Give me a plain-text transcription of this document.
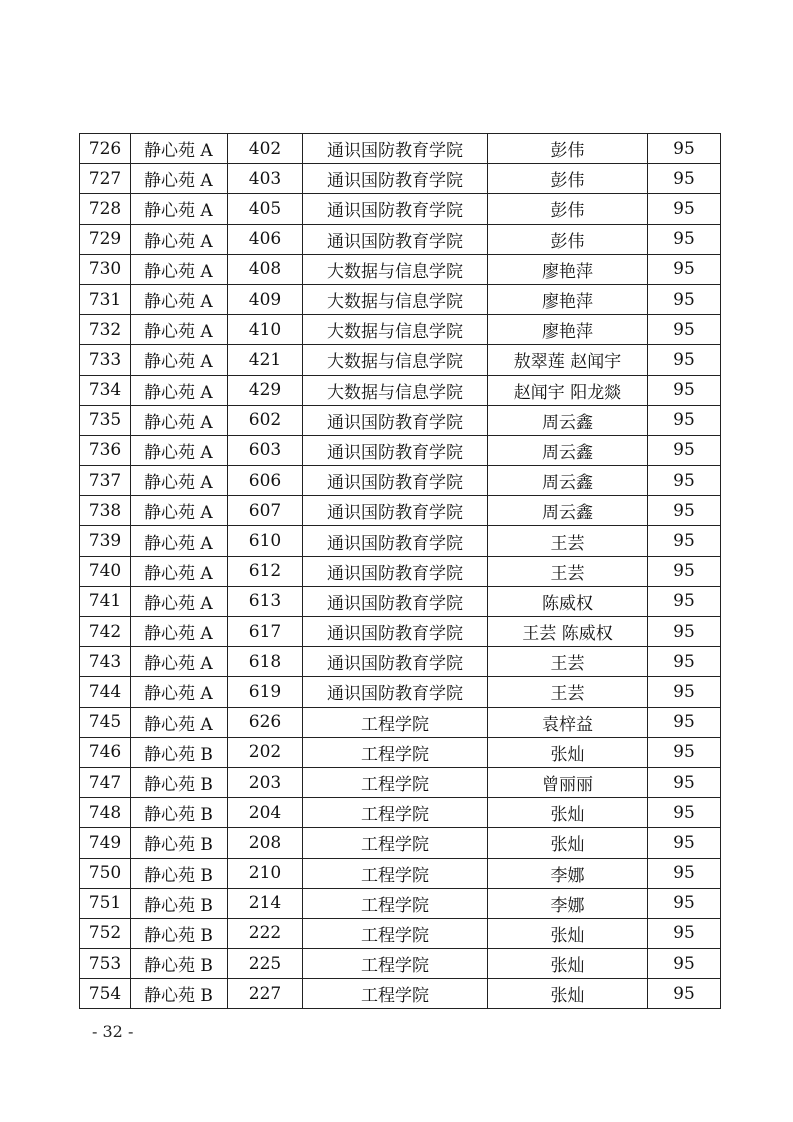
726	静心苑 A	402	通识国防教育学院	彭伟	95
727	静心苑 A	403	通识国防教育学院	彭伟	95
728	静心苑 A	405	通识国防教育学院	彭伟	95
729	静心苑 A	406	通识国防教育学院	彭伟	95
730	静心苑 A	408	大数据与信息学院	廖艳萍	95
731	静心苑 A	409	大数据与信息学院	廖艳萍	95
732	静心苑 A	410	大数据与信息学院	廖艳萍	95
733	静心苑 A	421	大数据与信息学院	敖翠莲 赵闻宇	95
734	静心苑 A	429	大数据与信息学院	赵闻宇 阳龙燚	95
735	静心苑 A	602	通识国防教育学院	周云鑫	95
736	静心苑 A	603	通识国防教育学院	周云鑫	95
737	静心苑 A	606	通识国防教育学院	周云鑫	95
738	静心苑 A	607	通识国防教育学院	周云鑫	95
739	静心苑 A	610	通识国防教育学院	王芸	95
740	静心苑 A	612	通识国防教育学院	王芸	95
741	静心苑 A	613	通识国防教育学院	陈威权	95
742	静心苑 A	617	通识国防教育学院	王芸 陈威权	95
743	静心苑 A	618	通识国防教育学院	王芸	95
744	静心苑 A	619	通识国防教育学院	王芸	95
745	静心苑 A	626	工程学院	袁梓益	95
746	静心苑 B	202	工程学院	张灿	95
747	静心苑 B	203	工程学院	曾丽丽	95
748	静心苑 B	204	工程学院	张灿	95
749	静心苑 B	208	工程学院	张灿	95
750	静心苑 B	210	工程学院	李娜	95
751	静心苑 B	214	工程学院	李娜	95
752	静心苑 B	222	工程学院	张灿	95
753	静心苑 B	225	工程学院	张灿	95
754	静心苑 B	227	工程学院	张灿	95
- 32 -
